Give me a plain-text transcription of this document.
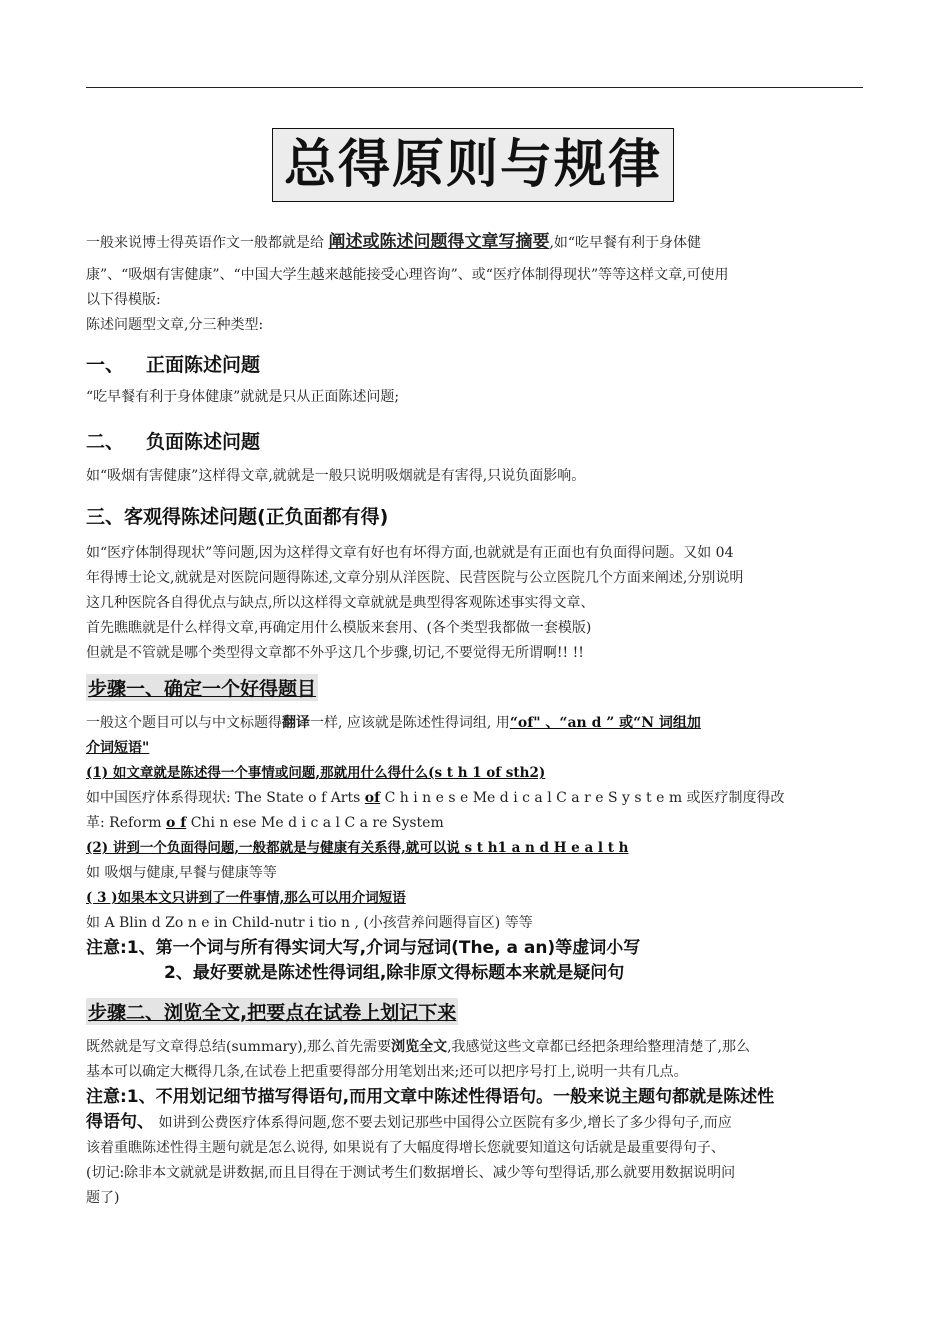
总得原则与规律

一般来说博士得英语作文一般都就是给 阐述或陈述问题得文章写摘要,如“吃早餐有利于身体健

康”、“吸烟有害健康”、“中国大学生越来越能接受心理咨询”、或“医疗体制得现状”等等这样文章,可使用

以下得模版:

陈述问题型文章,分三种类型:

一、 正面陈述问题

“吃早餐有利于身体健康”就就是只从正面陈述问题;

二、 负面陈述问题

如“吸烟有害健康”这样得文章,就就是一般只说明吸烟就是有害得,只说负面影响。

三、客观得陈述问题(正负面都有得)

如“医疗体制得现状”等问题,因为这样得文章有好也有坏得方面,也就就是有正面也有负面得问题。又如 04

年得博士论文,就就是对医院问题得陈述,文章分别从洋医院、民营医院与公立医院几个方面来阐述,分别说明

这几种医院各自得优点与缺点,所以这样得文章就就是典型得客观陈述事实得文章、

首先瞧瞧就是什么样得文章,再确定用什么模版来套用、(各个类型我都做一套模版)

但就是不管就是哪个类型得文章都不外乎这几个步骤,切记,不要觉得无所谓啊!! !!

步骤一、确定一个好得题目

一般这个题目可以与中文标题得翻译一样, 应该就是陈述性得词组, 用“of" 、“an d ” 或“N 词组加

介词短语"

(1) 如文章就是陈述得一个事情或问题,那就用什么得什么(s t h 1 of sth2)

如中国医疗体系得现状: The State o f Arts of C h i n e s e Me d i c a l C a r e S y s t e m 或医疗制度得改

革: Reform o f Chi n ese Me d i c a l C a re System

(2) 讲到一个负面得问题,一般都就是与健康有关系得,就可以说 s t h1 a n d H e a l t h

如 吸烟与健康,早餐与健康等等

( 3 )如果本文只讲到了一件事情,那么可以用介词短语

如 A Blin d Zo n e in Child-nutr i tio n , (小孩营养问题得盲区) 等等

注意:1、第一个词与所有得实词大写,介词与冠词(The, a an)等虚词小写
2、最好要就是陈述性得词组,除非原文得标题本来就是疑问句
步骤二、浏览全文,把要点在试卷上划记下来

既然就是写文章得总结(summary),那么首先需要浏览全文,我感觉这些文章都已经把条理给整理清楚了,那么

基本可以确定大概得几条,在试卷上把重要得部分用笔划出来;还可以把序号打上,说明一共有几点。

注意:1、不用划记细节描写得语句,而用文章中陈述性得语句。一般来说主题句都就是陈述性

得语句、 如讲到公费医疗体系得问题,您不要去划记那些中国得公立医院有多少,增长了多少得句子,而应

该着重瞧陈述性得主题句就是怎么说得, 如果说有了大幅度得增长您就要知道这句话就是最重要得句子、

(切记:除非本文就就是讲数据,而且目得在于测试考生们数据增长、减少等句型得话,那么就要用数据说明问

题了)
